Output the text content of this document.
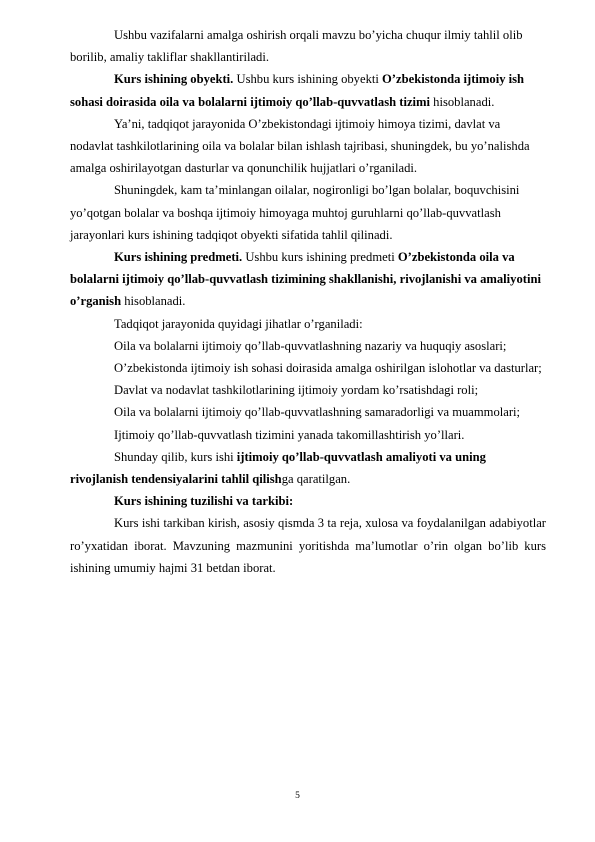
Ushbu vazifalarni amalga oshirish orqali mavzu bo’yicha chuqur ilmiy tahlil olib borilib, amaliy takliflar shakllantiriladi.

Kurs ishining obyekti. Ushbu kurs ishining obyekti O’zbekistonda ijtimoiy ish sohasi doirasida oila va bolalarni ijtimoiy qo’llab-quvvatlash tizimi hisoblanadi.

Ya’ni, tadqiqot jarayonida O’zbekistondagi ijtimoiy himoya tizimi, davlat va nodavlat tashkilotlarining oila va bolalar bilan ishlash tajribasi, shuningdek, bu yo’nalishda amalga oshirilayotgan dasturlar va qonunchilik hujjatlari o’rganiladi.

Shuningdek, kam ta’minlangan oilalar, nogironligi bo’lgan bolalar, boquvchisini yo’qotgan bolalar va boshqa ijtimoiy himoyaga muhtoj guruhlarni qo’llab-quvvatlash jarayonlari kurs ishining tadqiqot obyekti sifatida tahlil qilinadi.

Kurs ishining predmeti. Ushbu kurs ishining predmeti O’zbekistonda oila va bolalarni ijtimoiy qo’llab-quvvatlash tizimining shakllanishi, rivojlanishi va amaliyotini o’rganish hisoblanadi.

Tadqiqot jarayonida quyidagi jihatlar o’rganiladi:

Oila va bolalarni ijtimoiy qo’llab-quvvatlashning nazariy va huquqiy asoslari;

O’zbekistonda ijtimoiy ish sohasi doirasida amalga oshirilgan islohotlar va dasturlar;

Davlat va nodavlat tashkilotlarining ijtimoiy yordam ko’rsatishdagi roli;

Oila va bolalarni ijtimoiy qo’llab-quvvatlashning samaradorligi va muammolari;

Ijtimoiy qo’llab-quvvatlash tizimini yanada takomillashtirish yo’llari.

Shunday qilib, kurs ishi ijtimoiy qo’llab-quvvatlash amaliyoti va uning rivojlanish tendensiyalarini tahlil qilishga qaratilgan.

Kurs ishining tuzilishi va tarkibi:

Kurs ishi tarkiban kirish, asosiy qismda 3 ta reja, xulosa va foydalanilgan adabiyotlar ro’yxatidan iborat. Mavzuning mazmunini yoritishda ma’lumotlar o’rin olgan bo’lib kurs ishining umumiy hajmi 31 betdan iborat.

5
